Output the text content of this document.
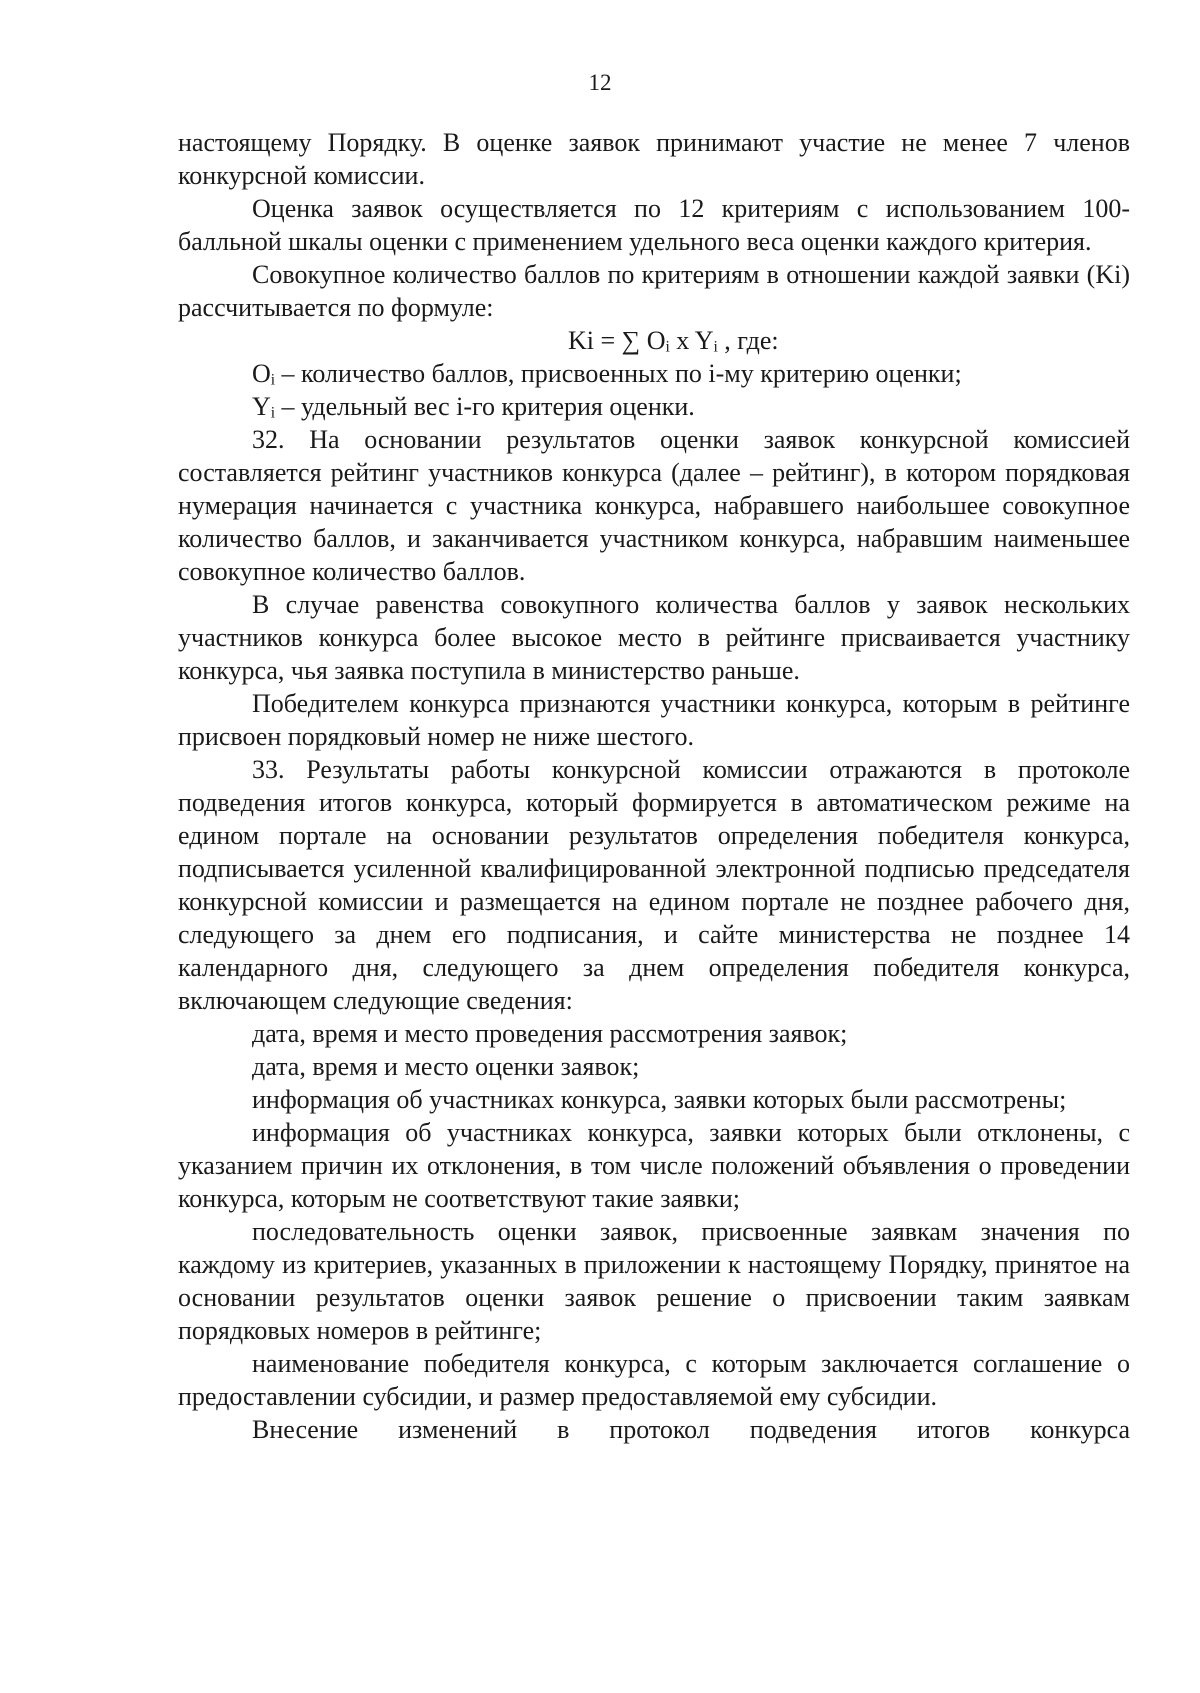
12

настоящему Порядку. В оценке заявок принимают участие не менее 7 членов конкурсной комиссии.

Оценка заявок осуществляется по 12 критериям с использованием 100-балльной шкалы оценки с применением удельного веса оценки каждого критерия.

Совокупное количество баллов по критериям в отношении каждой заявки (Ki) рассчитывается по формуле:

Ki = ∑ Oᵢ x Yᵢ , где:

Oᵢ – количество баллов, присвоенных по i-му критерию оценки;

Yᵢ – удельный вес i-го критерия оценки.

32. На основании результатов оценки заявок конкурсной комиссией составляется рейтинг участников конкурса (далее – рейтинг), в котором порядковая нумерация начинается с участника конкурса, набравшего наибольшее совокупное количество баллов, и заканчивается участником конкурса, набравшим наименьшее совокупное количество баллов.

В случае равенства совокупного количества баллов у заявок нескольких участников конкурса более высокое место в рейтинге присваивается участнику конкурса, чья заявка поступила в министерство раньше.

Победителем конкурса признаются участники конкурса, которым в рейтинге присвоен порядковый номер не ниже шестого.

33. Результаты работы конкурсной комиссии отражаются в протоколе подведения итогов конкурса, который формируется в автоматическом режиме на едином портале на основании результатов определения победителя конкурса, подписывается усиленной квалифицированной электронной подписью председателя конкурсной комиссии и размещается на едином портале не позднее рабочего дня, следующего за днем его подписания, и сайте министерства не позднее 14 календарного дня, следующего за днем определения победителя конкурса, включающем следующие сведения:

дата, время и место проведения рассмотрения заявок;

дата, время и место оценки заявок;

информация об участниках конкурса, заявки которых были рассмотрены;

информация об участниках конкурса, заявки которых были отклонены, с указанием причин их отклонения, в том числе положений объявления о проведении конкурса, которым не соответствуют такие заявки;

последовательность оценки заявок, присвоенные заявкам значения по каждому из критериев, указанных в приложении к настоящему Порядку, принятое на основании результатов оценки заявок решение о присвоении таким заявкам порядковых номеров в рейтинге;

наименование победителя конкурса, с которым заключается соглашение о предоставлении субсидии, и размер предоставляемой ему субсидии.

Внесение изменений в протокол подведения итогов конкурса
